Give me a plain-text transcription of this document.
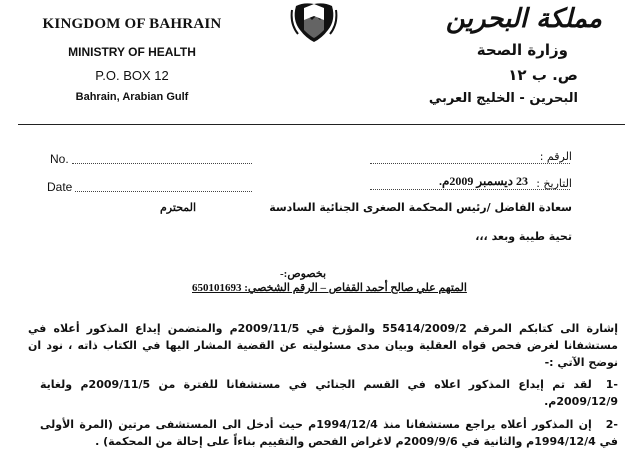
KINGDOM OF BAHRAIN
MINISTRY OF HEALTH
P.O. BOX 12
Bahrain, Arabian Gulf
مملكة البحرين
وزارة الصحة
ص. ب ١٢
البحرين - الخليج العربي
No.
Date
الرقم :
التاريخ :
23 ديسمبر 2009م.
سعادة الفاضل /رئيس المحكمة الصغرى الجنائية السادسة
المحترم
تحية طيبة وبعد ،،،
بخصوص:-
المتهم علي صالح أحمد القفاص – الرقم الشخصي: 650101693
إشارة الى كتابكم المرقم 55414/2009/2 والمؤرخ في 2009/11/5م والمتضمن إيداع المذكور أعلاه في مستشفانا لغرض فحص قواه العقلية وبيان مدى مسئوليته عن القضية المشار اليها في الكتاب ذاته ، نود ان نوضح الآتي :-
-1لقد تم إيداع المذكور اعلاه في القسم الجنائي في مستشفانا للفترة من 2009/11/5م ولغاية 2009/12/9م.
-2إن المذكور أعلاه يراجع مستشفانا منذ 1994/12/4م حيث أدخل الى المستشفى مرتين (المرة الأولى في 1994/12/4م والثانية في 2009/9/6م لاغراض الفحص والتقييم بناءاً على إحالة من المحكمة) .
